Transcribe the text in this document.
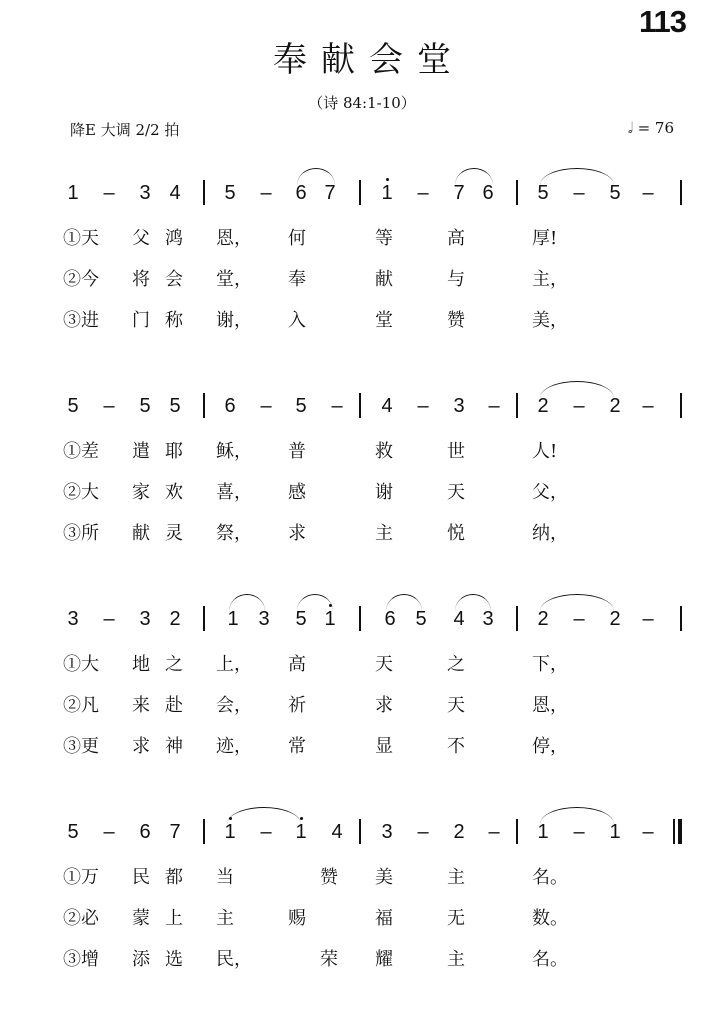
113
奉献会堂
（诗 84:1-10）
降E 大调 2/2 拍	𝅗𝅥 = 76
1 – 3 4 5 – 6 7 1 – 7 6 5 – 5 –
①天 父 鸿 恩， 何	等	高	厚!
②今 将 会 堂， 奉	献	与	主，
③进 门 称 谢， 入	堂	赞	美，
5 – 5 5 6 – 5 – 4 – 3 – 2 – 2 –
①差 遣 耶 稣， 普	救	世	人!
②大 家 欢 喜， 感	谢	天	父，
③所 献 灵 祭， 求	主	悦	纳，
3 – 3 2 1 3 5 1 6 5 4 3 2 – 2 –
①大 地 之 上， 高	天	之	下，
②凡 来 赴 会， 祈	求	天	恩，
③更 求 神 迹， 常	显	不	停，
5 – 6 7 1 – 1 4 3 – 2 – 1 – 1 –
①万 民 都 当	赞 美	主	名。
②必 蒙 上 主	赐	福	无	数。
③增 添 选 民，	荣 耀	主	名。
